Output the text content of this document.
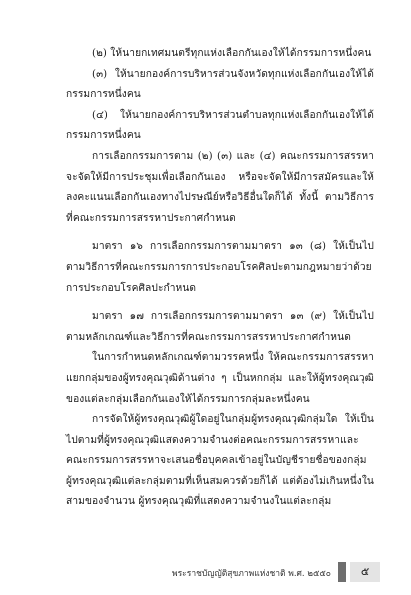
(๒) ให้นายกเทศมนตรีทุกแห่งเลือกกันเองให้ได้กรรมการหนึ่งคน

(๓) ให้นายกองค์การบริหารส่วนจังหวัดทุกแห่งเลือกกันเองให้ได้กรรมการหนึ่งคน

(๔) ให้นายกองค์การบริหารส่วนตำบลทุกแห่งเลือกกันเองให้ได้กรรมการหนึ่งคน

การเลือกกรรมการตาม (๒) (๓) และ (๔) คณะกรรมการสรรหาจะจัดให้มีการประชุมเพื่อเลือกกันเอง หรือจะจัดให้มีการสมัครและให้ลงคะแนนเลือกกันเองทางไปรษณีย์หรือวิธีอื่นใดก็ได้ ทั้งนี้ ตามวิธีการที่คณะกรรมการสรรหาประกาศกำหนด

มาตรา ๑๖ การเลือกกรรมการตามมาตรา ๑๓ (๘) ให้เป็นไปตามวิธีการที่คณะกรรมการการประกอบโรคศิลปะตามกฎหมายว่าด้วยการประกอบโรคศิลปะกำหนด

มาตรา ๑๗ การเลือกกรรมการตามมาตรา ๑๓ (๙) ให้เป็นไปตามหลักเกณฑ์และวิธีการที่คณะกรรมการสรรหาประกาศกำหนด

ในการกำหนดหลักเกณฑ์ตามวรรคหนึ่ง ให้คณะกรรมการสรรหาแยกกลุ่มของผู้ทรงคุณวุฒิด้านต่าง ๆ เป็นหกกลุ่ม และให้ผู้ทรงคุณวุฒิของแต่ละกลุ่มเลือกกันเองให้ได้กรรมการกลุ่มละหนึ่งคน

การจัดให้ผู้ทรงคุณวุฒิผู้ใดอยู่ในกลุ่มผู้ทรงคุณวุฒิกลุ่มใด ให้เป็นไปตามที่ผู้ทรงคุณวุฒิแสดงความจำนงต่อคณะกรรมการสรรหาและคณะกรรมการสรรหาจะเสนอชื่อบุคคลเข้าอยู่ในบัญชีรายชื่อของกลุ่มผู้ทรงคุณวุฒิแต่ละกลุ่มตามที่เห็นสมควรด้วยก็ได้ แต่ต้องไม่เกินหนึ่งในสามของจำนวน ผู้ทรงคุณวุฒิที่แสดงความจำนงในแต่ละกลุ่ม

พระราชบัญญัติสุขภาพแห่งชาติ พ.ศ. ๒๕๕๐	๕
